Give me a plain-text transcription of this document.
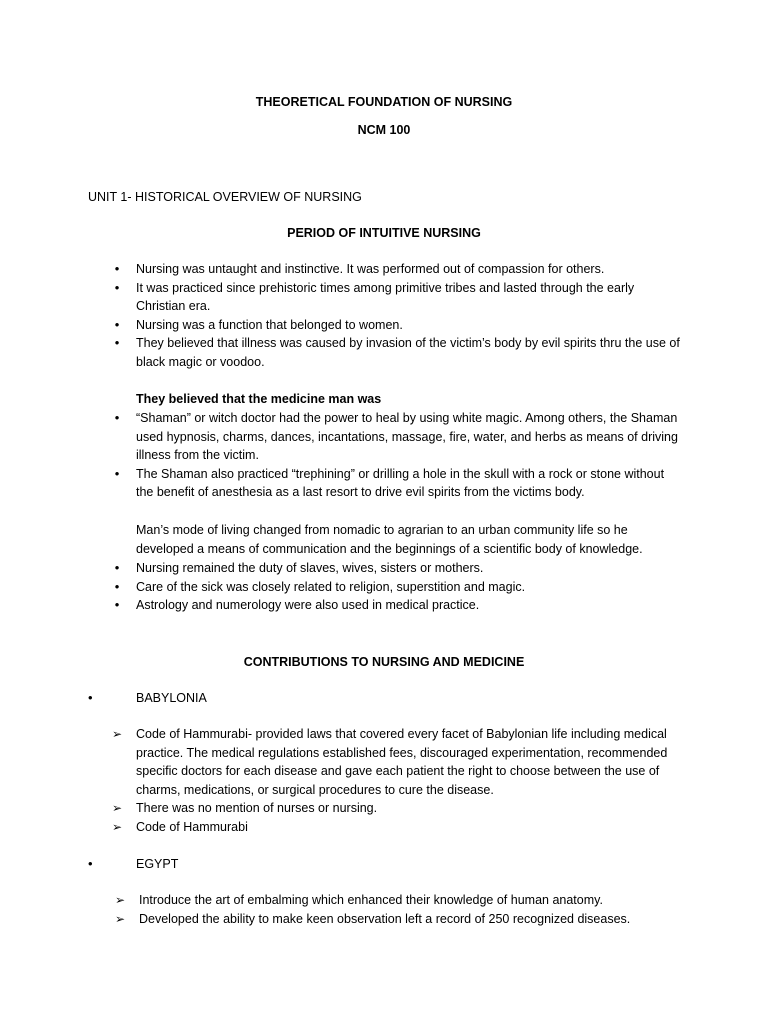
THEORETICAL FOUNDATION OF NURSING
NCM 100
UNIT 1- HISTORICAL OVERVIEW OF NURSING
PERIOD OF INTUITIVE NURSING
• Nursing was untaught and instinctive. It was performed out of compassion for others.
• It was practiced since prehistoric times among primitive tribes and lasted through the early Christian era.
• Nursing was a function that belonged to women.
• They believed that illness was caused by invasion of the victim’s body by evil spirits thru the use of black magic or voodoo.
They believed that the medicine man was
• “Shaman” or witch doctor had the power to heal by using white magic. Among others, the Shaman used hypnosis, charms, dances, incantations, massage, fire, water, and herbs as means of driving illness from the victim.
• The Shaman also practiced “trephining” or drilling a hole in the skull with a rock or stone without the benefit of anesthesia as a last resort to drive evil spirits from the victims body.
Man’s mode of living changed from nomadic to agrarian to an urban community life so he developed a means of communication and the beginnings of a scientific body of knowledge.
• Nursing remained the duty of slaves, wives, sisters or mothers.
• Care of the sick was closely related to religion, superstition and magic.
• Astrology and numerology were also used in medical practice.
CONTRIBUTIONS TO NURSING AND MEDICINE
•	BABYLONIA
➢ Code of Hammurabi- provided laws that covered every facet of Babylonian life including medical practice. The medical regulations established fees, discouraged experimentation, recommended specific doctors for each disease and gave each patient the right to choose between the use of charms, medications, or surgical procedures to cure the disease.
➢ There was no mention of nurses or nursing.
➢ Code of Hammurabi
•	EGYPT
➢ Introduce the art of embalming which enhanced their knowledge of human anatomy.
➢ Developed the ability to make keen observation left a record of 250 recognized diseases.
